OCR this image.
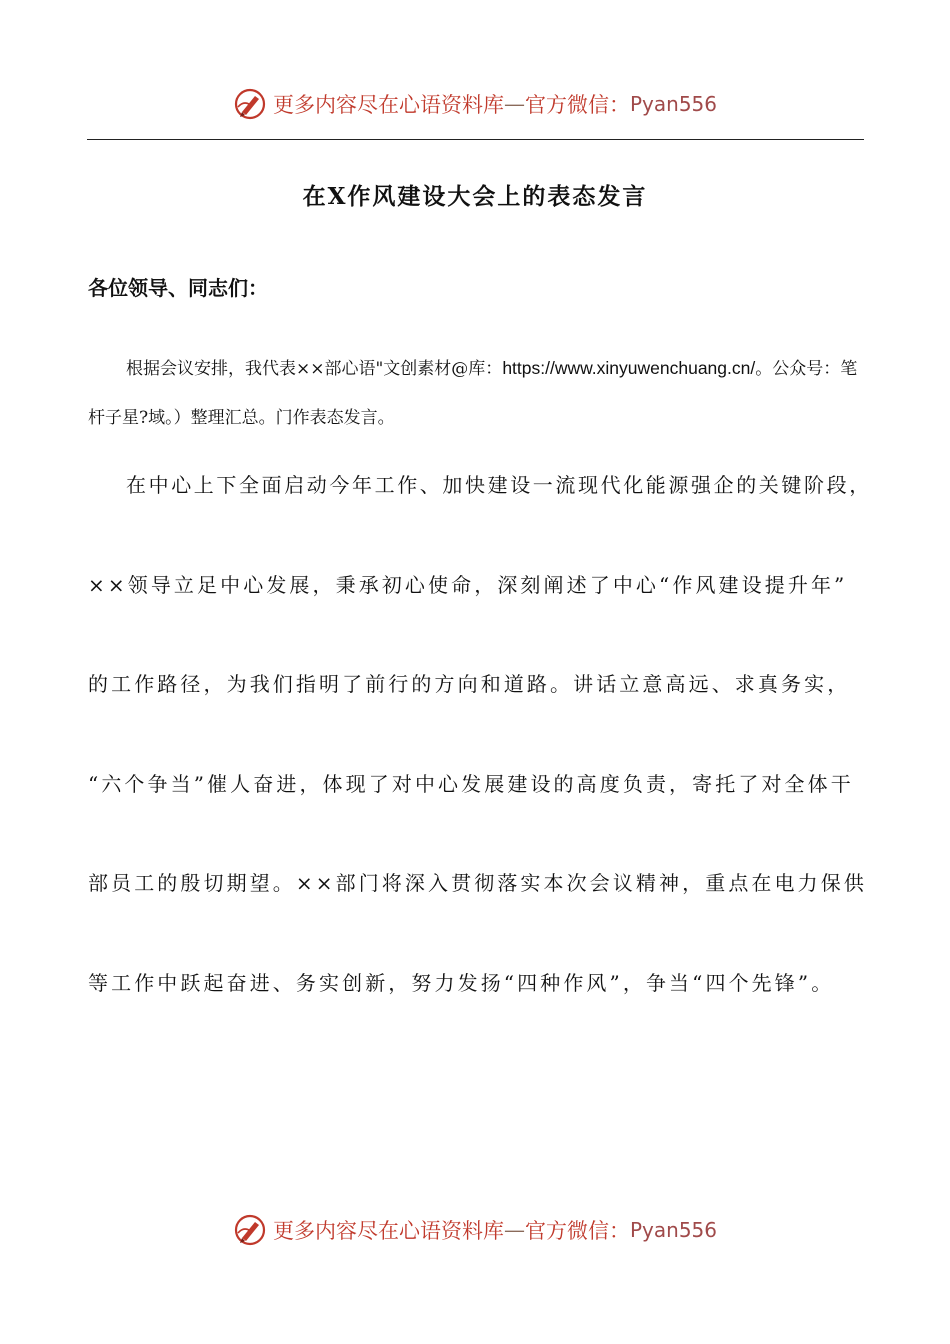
更多内容尽在心语资料库 — 官方微信： Pyan556
在X作风建设大会上的表态发言
各位领导、同志们：
根据会议安排，我代表××部心语"文创素材@库：https://www.xinyuwenchuang.cn/。公众号：笔杆子星?域。）整理汇总。门作表态发言。
在中心上下全面启动今年工作、加快建设一流现代化能源强企的关键阶段，
××领导立足中心发展，秉承初心使命，深刻阐述了中心“作风建设提升年”
的工作路径，为我们指明了前行的方向和道路。讲话立意高远、求真务实，
“六个争当”催人奋进，体现了对中心发展建设的高度负责，寄托了对全体干
部员工的殷切期望。××部门将深入贯彻落实本次会议精神，重点在电力保供
等工作中跃起奋进、务实创新，努力发扬“四种作风”，争当“四个先锋”。
更多内容尽在心语资料库 — 官方微信： Pyan556
